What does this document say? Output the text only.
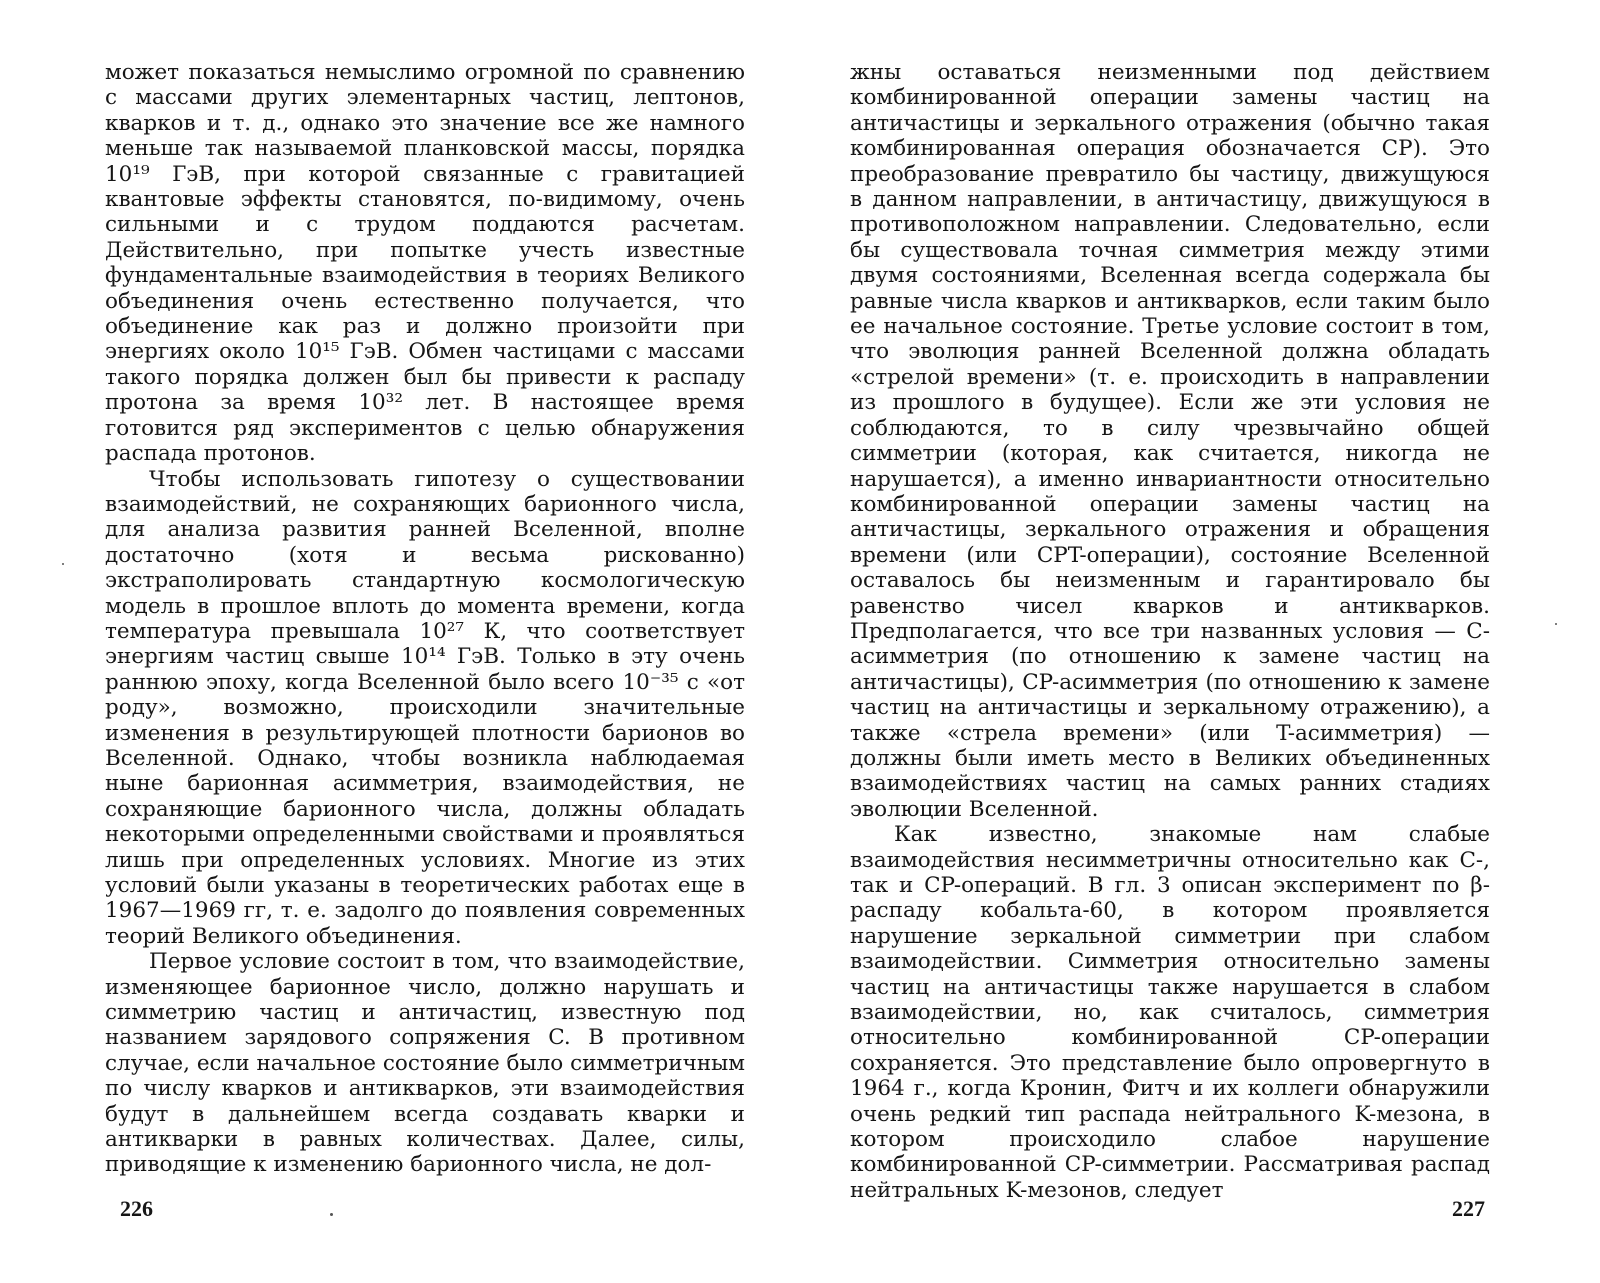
может показаться немыслимо огромной по сравнению с массами других элементарных частиц, лептонов, кварков и т. д., однако это значение все же намного меньше так называемой планковской массы, порядка 10¹⁹ ГэВ, при которой связанные с гравитацией квантовые эффекты становятся, по-видимому, очень сильными и с трудом поддаются расчетам. Действительно, при попытке учесть известные фундаментальные взаимодействия в теориях Великого объединения очень естественно получается, что объединение как раз и должно произойти при энергиях около 10¹⁵ ГэВ. Обмен частицами с массами такого порядка должен был бы привести к распаду протона за время 10³² лет. В настоящее время готовится ряд экспериментов с целью обнаружения распада протонов.

Чтобы использовать гипотезу о существовании взаимодействий, не сохраняющих барионного числа, для анализа развития ранней Вселенной, вполне достаточно (хотя и весьма рискованно) экстраполировать стандартную космологическую модель в прошлое вплоть до момента времени, когда температура превышала 10²⁷ К, что соответствует энергиям частиц свыше 10¹⁴ ГэВ. Только в эту очень раннюю эпоху, когда Вселенной было всего 10⁻³⁵ с «от роду», возможно, происходили значительные изменения в результирующей плотности барионов во Вселенной. Однако, чтобы возникла наблюдаемая ныне барионная асимметрия, взаимодействия, не сохраняющие барионного числа, должны обладать некоторыми определенными свойствами и проявляться лишь при определенных условиях. Многие из этих условий были указаны в теоретических работах еще в 1967—1969 гг, т. е. задолго до появления современных теорий Великого объединения.

Первое условие состоит в том, что взаимодействие, изменяющее барионное число, должно нарушать и симметрию частиц и античастиц, известную под названием зарядового сопряжения C. В противном случае, если начальное состояние было симметричным по числу кварков и антикварков, эти взаимодействия будут в дальнейшем всегда создавать кварки и антикварки в равных количествах. Далее, силы, приводящие к изменению барионного числа, не дол-

226

жны оставаться неизменными под действием комбинированной операции замены частиц на античастицы и зеркального отражения (обычно такая комбинированная операция обозначается CP). Это преобразование превратило бы частицу, движущуюся в данном направлении, в античастицу, движущуюся в противоположном направлении. Следовательно, если бы существовала точная симметрия между этими двумя состояниями, Вселенная всегда содержала бы равные числа кварков и антикварков, если таким было ее начальное состояние. Третье условие состоит в том, что эволюция ранней Вселенной должна обладать «стрелой времени» (т. е. происходить в направлении из прошлого в будущее). Если же эти условия не соблюдаются, то в силу чрезвычайно общей симметрии (которая, как считается, никогда не нарушается), а именно инвариантности относительно комбинированной операции замены частиц на античастицы, зеркального отражения и обращения времени (или CPT-операции), состояние Вселенной оставалось бы неизменным и гарантировало бы равенство чисел кварков и антикварков. Предполагается, что все три названных условия — C-асимметрия (по отношению к замене частиц на античастицы), CP-асимметрия (по отношению к замене частиц на античастицы и зеркальному отражению), а также «стрела времени» (или T-асимметрия) — должны были иметь место в Великих объединенных взаимодействиях частиц на самых ранних стадиях эволюции Вселенной.

Как известно, знакомые нам слабые взаимодействия несимметричны относительно как C-, так и CP-операций. В гл. 3 описан эксперимент по β-распаду кобальта-60, в котором проявляется нарушение зеркальной симметрии при слабом взаимодействии. Симметрия относительно замены частиц на античастицы также нарушается в слабом взаимодействии, но, как считалось, симметрия относительно комбинированной CP-операции сохраняется. Это представление было опровергнуто в 1964 г., когда Кронин, Фитч и их коллеги обнаружили очень редкий тип распада нейтрального K-мезона, в котором происходило слабое нарушение комбинированной CP-симметрии. Рассматривая распад нейтральных K-мезонов, следует

227
